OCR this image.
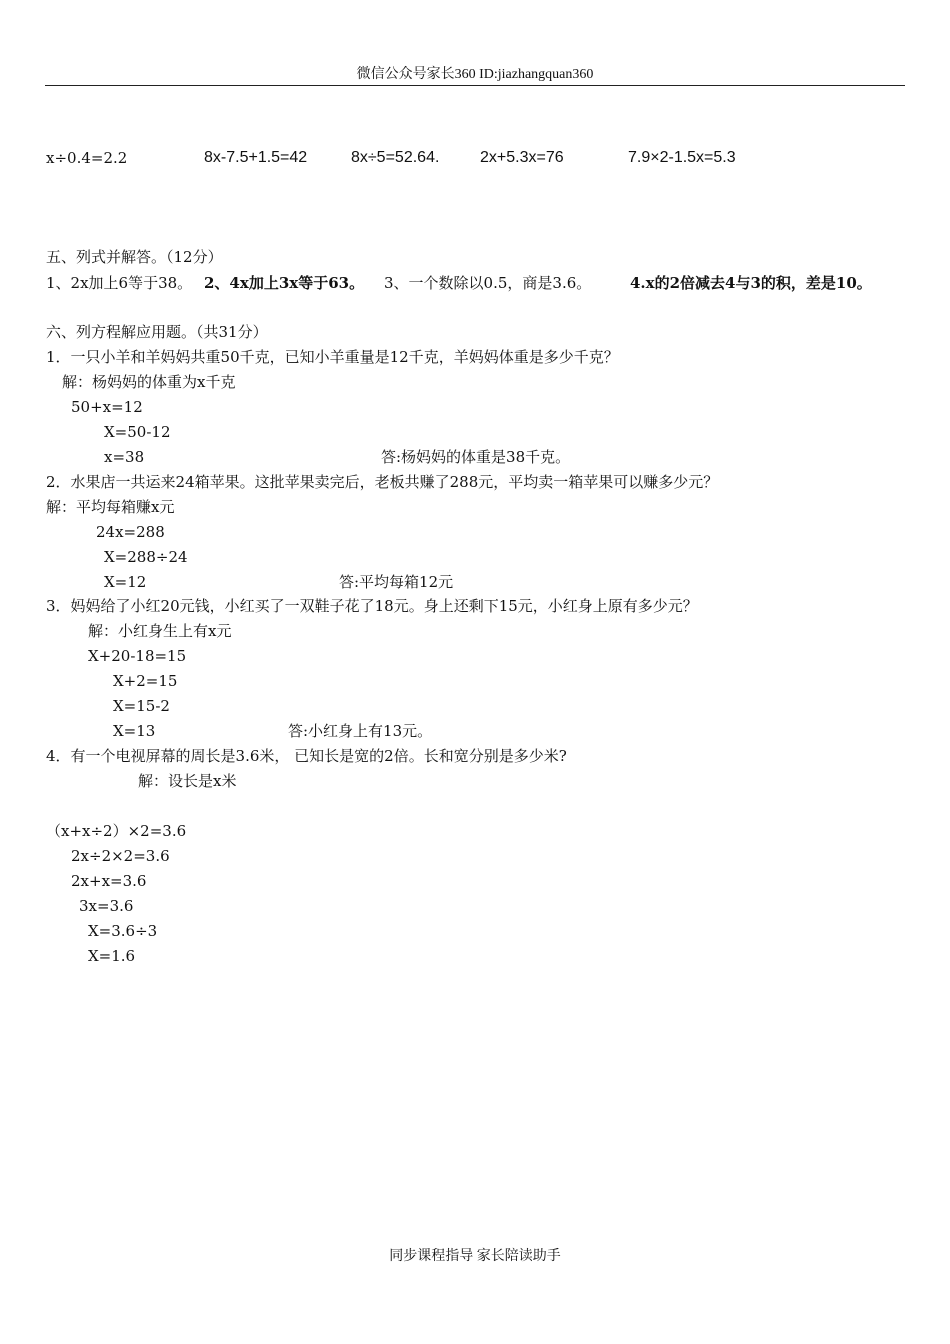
微信公众号家长360 ID:jiazhangquan360
x÷0.4=2.2	8x-7.5+1.5=42	8x÷5=52.64.	2x+5.3x=76	7.9×2-1.5x=5.3
五、列式并解答。（12分）
1、2x加上6等于38。 2、4x加上3x等于63。 3、一个数除以0.5，商是3.6。	4.x的2倍减去4与3的积，差是10。
六、列方程解应用题。（共31分）
1．一只小羊和羊妈妈共重50千克，已知小羊重量是12千克，羊妈妈体重是多少千克？
解：杨妈妈的体重为x千克
50+x=12
X=50-12
x=38	答:杨妈妈的体重是38千克。
2．水果店一共运来24箱苹果。这批苹果卖完后，老板共赚了288元，平均卖一箱苹果可以赚多少元？
解：平均每箱赚x元
24x=288
X=288÷24
X=12	答:平均每箱12元
3．妈妈给了小红20元钱，小红买了一双鞋子花了18元。身上还剩下15元，小红身上原有多少元？
解：小红身生上有x元
X+20-18=15
X+2=15
X=15-2
X=13	答:小红身上有13元。
4．有一个电视屏幕的周长是3.6米， 已知长是宽的2倍。长和宽分别是多少米?
解：设长是x米
（x+x÷2）×2=3.6
2x÷2×2=3.6
2x+x=3.6
3x=3.6
X=3.6÷3
X=1.6
同步课程指导 家长陪读助手
